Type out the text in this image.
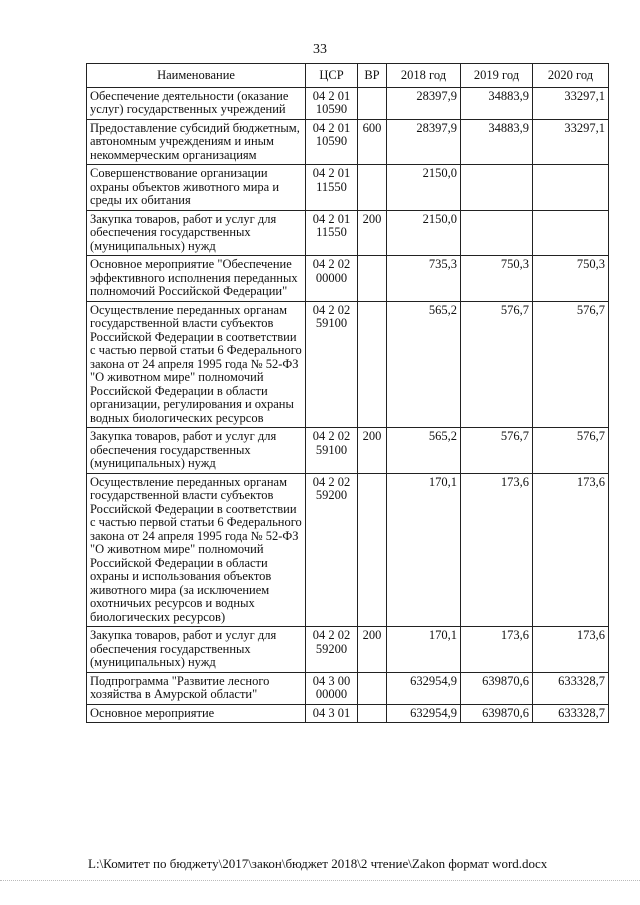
33
Наименование	ЦСР	ВР	2018 год	2019 год	2020 год
Обеспечение деятельности (оказание услуг) государственных учреждений	04 2 01 10590		28397,9	34883,9	33297,1
Предоставление субсидий бюджетным, автономным учреждениям и иным некоммерческим организациям	04 2 01 10590	600	28397,9	34883,9	33297,1
Совершенствование организации охраны объектов животного мира и среды их обитания	04 2 01 11550		2150,0		
Закупка товаров, работ и услуг для обеспечения государственных (муниципальных) нужд	04 2 01 11550	200	2150,0		
Основное мероприятие "Обеспечение эффективного исполнения переданных полномочий Российской Федерации"	04 2 02 00000		735,3	750,3	750,3
Осуществление переданных органам государственной власти субъектов Российской Федерации в соответствии с частью первой статьи 6 Федерального закона от 24 апреля 1995 года № 52-ФЗ "О животном мире" полномочий Российской Федерации в области организации, регулирования и охраны водных биологических ресурсов	04 2 02 59100		565,2	576,7	576,7
Закупка товаров, работ и услуг для обеспечения государственных (муниципальных) нужд	04 2 02 59100	200	565,2	576,7	576,7
Осуществление переданных органам государственной власти субъектов Российской Федерации в соответствии с частью первой статьи 6 Федерального закона от 24 апреля 1995 года № 52-ФЗ "О животном мире" полномочий Российской Федерации в области охраны и использования объектов животного мира (за исключением охотничьих ресурсов и водных биологических ресурсов)	04 2 02 59200		170,1	173,6	173,6
Закупка товаров, работ и услуг для обеспечения государственных (муниципальных) нужд	04 2 02 59200	200	170,1	173,6	173,6
Подпрограмма "Развитие лесного хозяйства в Амурской области"	04 3 00 00000		632954,9	639870,6	633328,7
Основное мероприятие	04 3 01		632954,9	639870,6	633328,7
L:\Комитет по бюджету\2017\закон\бюджет 2018\2 чтение\Zakon формат word.docx
